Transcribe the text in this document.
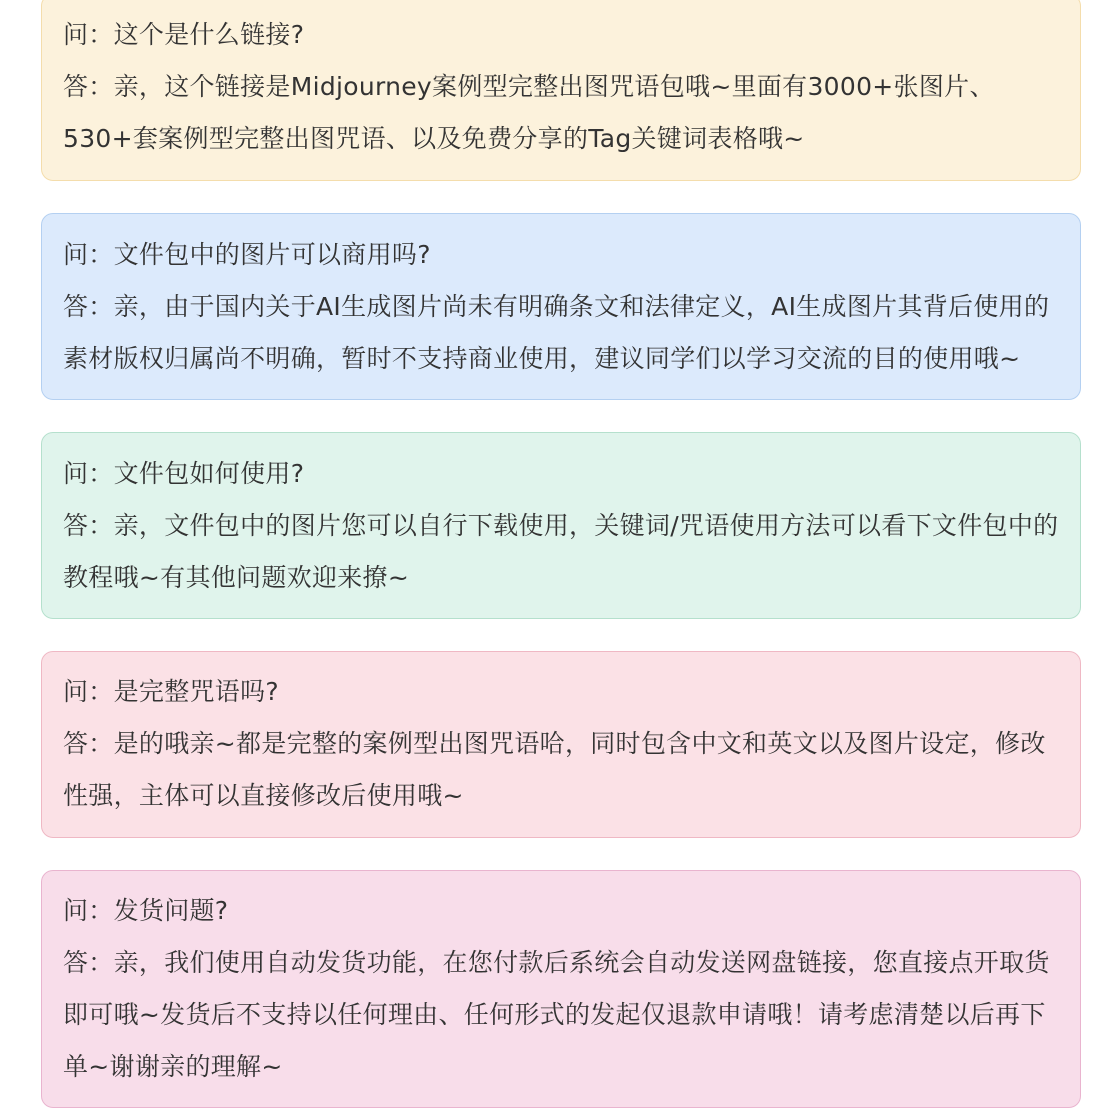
问：这个是什么链接?

答：亲，这个链接是Midjourney案例型完整出图咒语包哦~里面有3000+张图片、530+套案例型完整出图咒语、以及免费分享的Tag关键词表格哦~

问：文件包中的图片可以商用吗?

答：亲，由于国内关于AI生成图片尚未有明确条文和法律定义，AI生成图片其背后使用的素材版权归属尚不明确，暂时不支持商业使用，建议同学们以学习交流的目的使用哦~

问：文件包如何使用?

答：亲，文件包中的图片您可以自行下载使用，关键词/咒语使用方法可以看下文件包中的教程哦~有其他问题欢迎来撩~

问：是完整咒语吗?

答：是的哦亲~都是完整的案例型出图咒语哈，同时包含中文和英文以及图片设定，修改性强，主体可以直接修改后使用哦~

问：发货问题?

答：亲，我们使用自动发货功能，在您付款后系统会自动发送网盘链接，您直接点开取货即可哦~发货后不支持以任何理由、任何形式的发起仅退款申请哦！请考虑清楚以后再下单~谢谢亲的理解~
